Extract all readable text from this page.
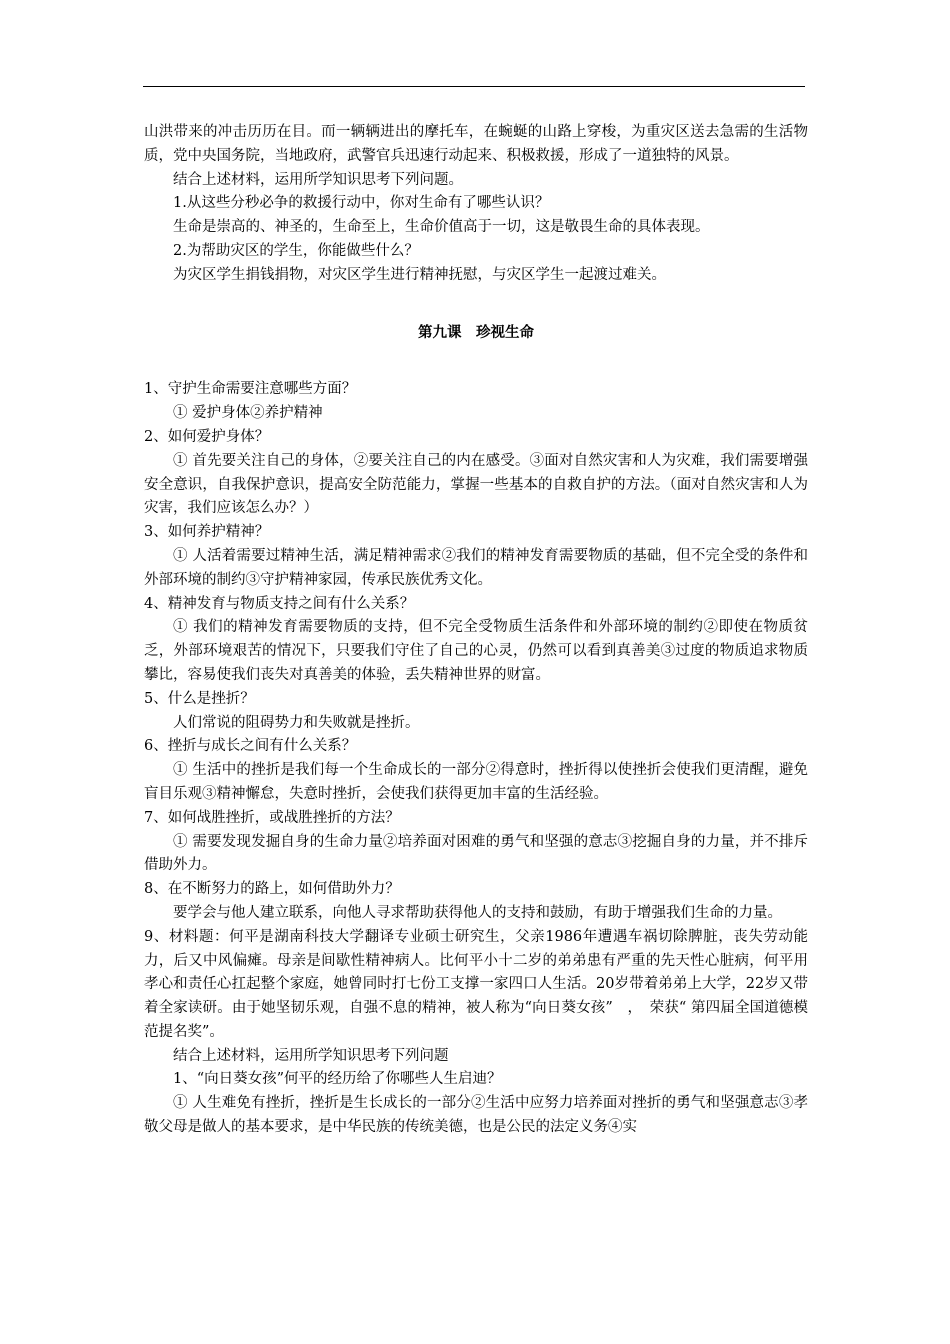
山洪带来的冲击历历在目。而一辆辆进出的摩托车，在蜿蜒的山路上穿梭，为重灾区送去急需的生活物质，党中央国务院，当地政府，武警官兵迅速行动起来、积极救援，形成了一道独特的风景。

结合上述材料，运用所学知识思考下列问题。

1.从这些分秒必争的救援行动中，你对生命有了哪些认识？

生命是崇高的、神圣的，生命至上，生命价值高于一切，这是敬畏生命的具体表现。

2.为帮助灾区的学生，你能做些什么？

为灾区学生捐钱捐物，对灾区学生进行精神抚慰，与灾区学生一起渡过难关。

第九课　珍视生命

1、守护生命需要注意哪些方面？

① 爱护身体②养护精神

2、如何爱护身体？

① 首先要关注自己的身体，②要关注自己的内在感受。③面对自然灾害和人为灾难，我们需要增强安全意识，自我保护意识，提高安全防范能力，掌握一些基本的自救自护的方法。（面对自然灾害和人为灾害，我们应该怎么办？）

3、如何养护精神？

① 人活着需要过精神生活，满足精神需求②我们的精神发育需要物质的基础，但不完全受的条件和外部环境的制约③守护精神家园，传承民族优秀文化。

4、精神发育与物质支持之间有什么关系？

① 我们的精神发育需要物质的支持，但不完全受物质生活条件和外部环境的制约②即使在物质贫乏，外部环境艰苦的情况下，只要我们守住了自己的心灵，仍然可以看到真善美③过度的物质追求物质攀比，容易使我们丧失对真善美的体验，丢失精神世界的财富。

5、什么是挫折？

人们常说的阻碍势力和失败就是挫折。

6、挫折与成长之间有什么关系？

① 生活中的挫折是我们每一个生命成长的一部分②得意时，挫折得以使挫折会使我们更清醒，避免盲目乐观③精神懈怠，失意时挫折，会使我们获得更加丰富的生活经验。

7、如何战胜挫折，或战胜挫折的方法？

① 需要发现发掘自身的生命力量②培养面对困难的勇气和坚强的意志③挖掘自身的力量，并不排斥借助外力。

8、在不断努力的路上，如何借助外力？

要学会与他人建立联系，向他人寻求帮助获得他人的支持和鼓励，有助于增强我们生命的力量。

9、材料题：何平是湖南科技大学翻译专业硕士研究生，父亲1986年遭遇车祸切除脾脏，丧失劳动能力，后又中风偏瘫。母亲是间歇性精神病人。比何平小十二岁的弟弟患有严重的先天性心脏病，何平用孝心和责任心扛起整个家庭，她曾同时打七份工支撑一家四口人生活。20岁带着弟弟上大学，22岁又带着全家读研。由于她坚韧乐观，自强不息的精神，被人称为“向日葵女孩”　，　荣获“ 第四届全国道德模范提名奖”。

结合上述材料，运用所学知识思考下列问题

1、“向日葵女孩”何平的经历给了你哪些人生启迪？

① 人生难免有挫折，挫折是生长成长的一部分②生活中应努力培养面对挫折的勇气和坚强意志③孝敬父母是做人的基本要求，是中华民族的传统美德，也是公民的法定义务④实
